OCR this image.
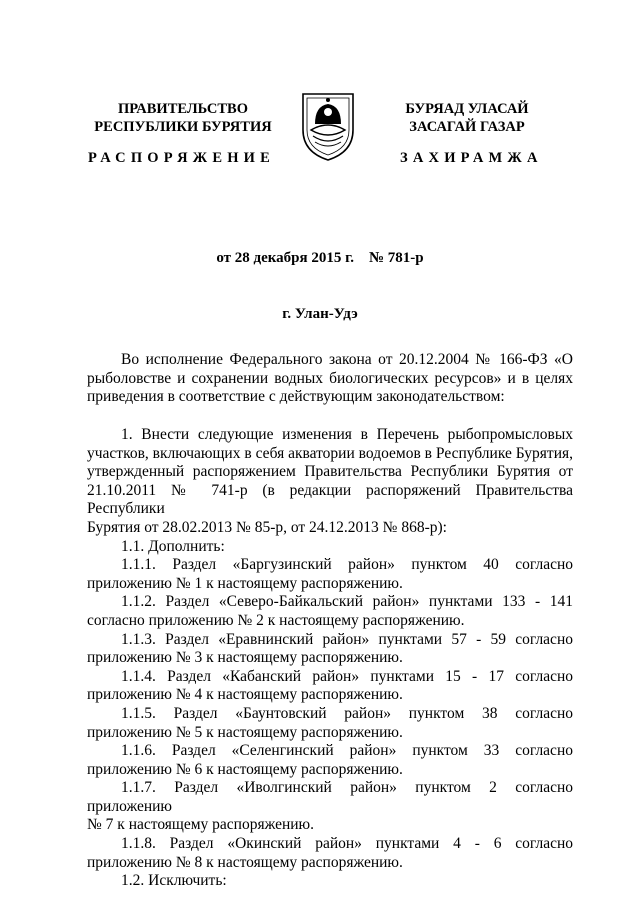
ПРАВИТЕЛЬСТВО
РЕСПУБЛИКИ БУРЯТИЯ
РАСПОРЯЖЕНИЕ
БУРЯАД УЛАСАЙ
ЗАСАГАЙ ГАЗАР
ЗАХИРАМЖА
от 28 декабря 2015 г.    № 781-р
г. Улан-Удэ
Во исполнение Федерального закона от 20.12.2004 № 166-ФЗ «О
рыболовстве и сохранении водных биологических ресурсов» и в целях
приведения в соответствие с действующим законодательством:
1. Внести следующие изменения в Перечень рыбопромысловых
участков, включающих в себя акватории водоемов в Республике Бурятия,
утвержденный распоряжением Правительства Республики Бурятия от
21.10.2011 № 741-р (в редакции распоряжений Правительства Республики
Бурятия от 28.02.2013 № 85-р, от 24.12.2013 № 868-р):
1.1. Дополнить:
1.1.1. Раздел «Баргузинский район» пунктом 40 согласно
приложению № 1 к настоящему распоряжению.
1.1.2. Раздел «Северо-Байкальский район» пунктами 133 - 141
согласно приложению № 2 к настоящему распоряжению.
1.1.3. Раздел «Еравнинский район» пунктами 57 - 59 согласно
приложению № 3 к настоящему распоряжению.
1.1.4. Раздел «Кабанский район» пунктами 15 - 17 согласно
приложению № 4 к настоящему распоряжению.
1.1.5. Раздел «Баунтовский район» пунктом 38 согласно
приложению № 5 к настоящему распоряжению.
1.1.6. Раздел «Селенгинский район» пунктом 33 согласно
приложению № 6 к настоящему распоряжению.
1.1.7. Раздел «Иволгинский район» пунктом 2 согласно приложению
№ 7 к настоящему распоряжению.
1.1.8. Раздел «Окинский район» пунктами 4 - 6 согласно
приложению № 8 к настоящему распоряжению.
1.2. Исключить:
